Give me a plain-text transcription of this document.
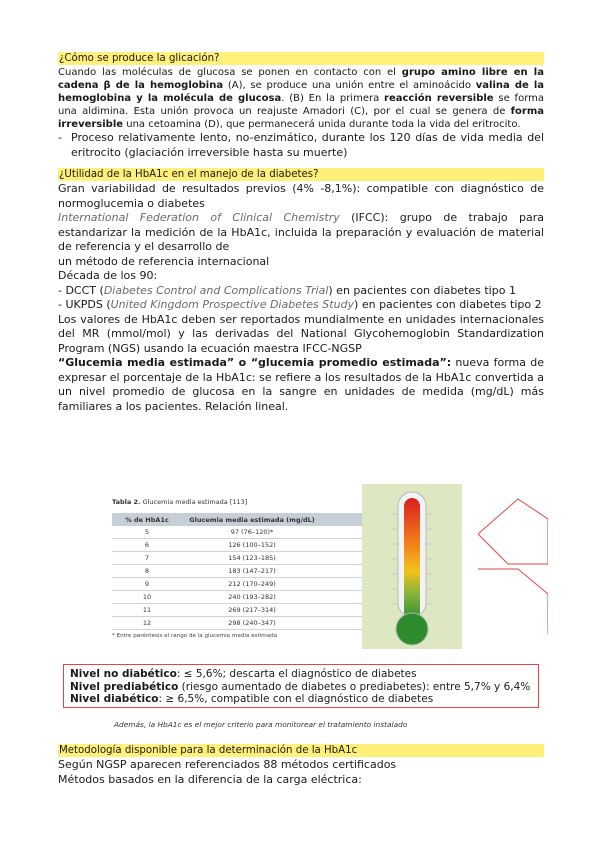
¿Cómo se produce la glicación?

Cuando las moléculas de glucosa se ponen en contacto con el grupo amino libre en la cadena β de la hemoglobina (A), se produce una unión entre el aminoácido valina de la hemoglobina y la molécula de glucosa. (B) En la primera reacción reversible se forma una aldimina. Esta unión provoca un reajuste Amadori (C), por el cual se genera de forma irreversible una cetoamina (D), que permanecerá unida durante toda la vida del eritrocito.

- Proceso relativamente lento, no-enzimático, durante los 120 días de vida media del eritrocito (glaciación irreversible hasta su muerte)
¿Utilidad de la HbA1c en el manejo de la diabetes?

Gran variabilidad de resultados previos (4% -8,1%): compatible con diagnóstico de normoglucemia o diabetes

International Federation of Clinical Chemistry (IFCC): grupo de trabajo para estandarizar la medición de la HbA1c, incluida la preparación y evaluación de material de referencia y el desarrollo de

un método de referencia internacional

Década de los 90:

- DCCT (Diabetes Control and Complications Trial) en pacientes con diabetes tipo 1

- UKPDS (United Kingdom Prospective Diabetes Study) en pacientes con diabetes tipo 2

Los valores de HbA1c deben ser reportados mundialmente en unidades internacionales del MR (mmol/mol) y las derivadas del National Glycohemoglobin Standardization Program (NGS) usando la ecuación maestra IFCC-NGSP

“Glucemia media estimada” o “glucemia promedio estimada”: nueva forma de expresar el porcentaje de la HbA1c: se refiere a los resultados de la HbA1c convertida a un nivel promedio de glucosa en la sangre en unidades de medida (mg/dL) más familiares a los pacientes. Relación lineal.

Tabla 2. Glucemia media estimada [113]
% de HbA1c	Glucemia media estimada (mg/dL)
5	97 (76–120)*
6	126 (100–152)
7	154 (123–185)
8	183 (147–217)
9	212 (170–249)
10	240 (193–282)
11	269 (217–314)
12	298 (240–347)
* Entre paréntesis el rango de la glucemia media estimada
Nivel no diabético: ≤ 5,6%; descarta el diagnóstico de diabetes
Nivel prediabético (riesgo aumentado de diabetes o prediabetes): entre 5,7% y 6,4%
Nivel diabético: ≥ 6,5%, compatible con el diagnóstico de diabetes
Además, la HbA1c es el mejor criterio para monitorear el tratamiento instalado
Metodología disponible para la determinación de la HbA1c

Según NGSP aparecen referenciados 88 métodos certificados

Métodos basados en la diferencia de la carga eléctrica:
